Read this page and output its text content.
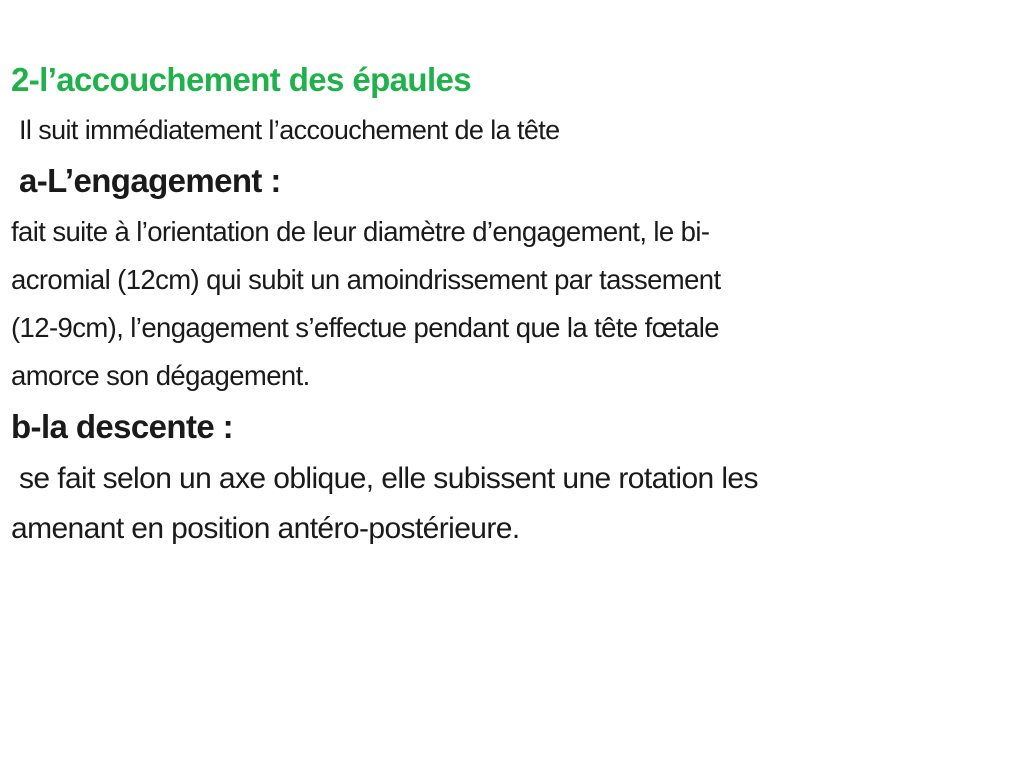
2-l’accouchement des épaules

Il suit immédiatement l’accouchement de la tête

a-L’engagement :

fait suite à l’orientation de leur diamètre d’engagement, le bi-
acromial (12cm) qui subit un amoindrissement par tassement
(12-9cm), l’engagement s’effectue pendant que la tête fœtale
amorce son dégagement.

b-la descente :

se fait selon un axe oblique, elle subissent une rotation les
amenant en position antéro-postérieure.
